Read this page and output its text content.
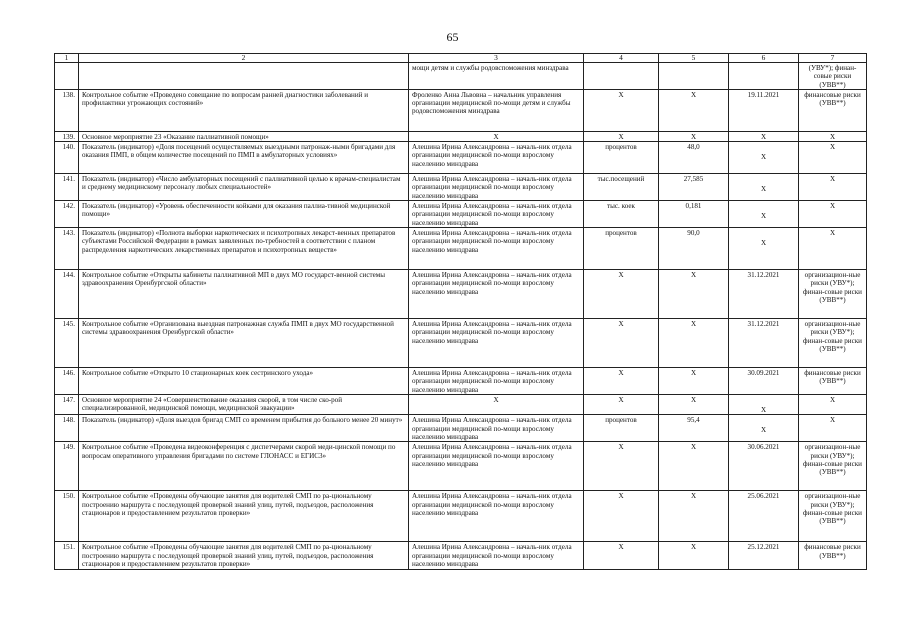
65
1	2	3	4	5	6	7
		мощи детям и службы родовспоможения минздрава				(УВУ*); финан-совые риски (УВВ**)
138.	Контрольное событие «Проведено совещание по вопросам ранней диагностики заболеваний и профилактики угрожающих состояний»	Фроленко Анна Львовна – начальник управления организации медицинской по-мощи детям и службы родовспоможения минздрава	X	X	19.11.2021	финансовые риски (УВВ**)
139.	Основное мероприятие 23 «Оказание паллиативной помощи»	X	X	X	X	X
140.	Показатель (индикатор) «Доля посещений осуществляемых выездными патронаж-ными бригадами для оказания ПМП, в общем количестве посещений по ПМП в амбулаторных условиях»	Алешина Ирина Александровна – началь-ник отдела организации медицинской по-мощи взрослому населению минздрава	процентов	48,0	X	X
141.	Показатель (индикатор) «Число амбулаторных посещений с паллиативной целью к врачам-специалистам и среднему медицинскому персоналу любых специальностей»	Алешина Ирина Александровна – началь-ник отдела организации медицинской по-мощи взрослому населению минздрава	тыс.посещений	27,585	X	X
142.	Показатель (индикатор) «Уровень обеспеченности койками для оказания паллиа-тивной медицинской помощи»	Алешина Ирина Александровна – началь-ник отдела организации медицинской по-мощи взрослому населению минздрава	тыс. коек	0,181	X	X
143.	Показатель (индикатор) «Полнота выборки наркотических и психотропных лекарст-венных препаратов субъектами Российской Федерации в рамках заявленных по-требностей в соответствии с планом распределения наркотических лекарственных препаратов и психотропных веществ»	Алешина Ирина Александровна – началь-ник отдела организации медицинской по-мощи взрослому населению минздрава	процентов	90,0	X	X
144.	Контрольное событие «Открыты кабинеты паллиативной МП в двух МО государст-венной системы здравоохранения Оренбургской области»	Алешина Ирина Александровна – началь-ник отдела организации медицинской по-мощи взрослому населению минздрава	X	X	31.12.2021	организацион-ные риски (УВУ*); финан-совые риски (УВВ**)
145.	Контрольное событие «Организована выездная патронажная служба ПМП в двух МО государственной системы здравоохранения Оренбургской области»	Алешина Ирина Александровна – началь-ник отдела организации медицинской по-мощи взрослому населению минздрава	X	X	31.12.2021	организацион-ные риски (УВУ*); финан-совые риски (УВВ**)
146.	Контрольное событие «Открыто 10 стационарных коек сестринского ухода»	Алешина Ирина Александровна – началь-ник отдела организации медицинской по-мощи взрослому населению минздрава	X	X	30.09.2021	финансовые риски (УВВ**)
147.	Основное мероприятие 24 «Совершенствование оказания скорой, в том числе ско-рой специализированной, медицинской помощи, медицинской эвакуации»	X	X	X	X	X
148.	Показатель (индикатор) «Доля выездов бригад СМП со временем прибытия до больного менее 20 минут»	Алешина Ирина Александровна – началь-ник отдела организации медицинской по-мощи взрослому населению минздрава	процентов	95,4	X	X
149.	Контрольное событие «Проведена видеоконференция с диспетчерами скорой меди-цинской помощи по вопросам оперативного управления бригадами по системе ГЛОНАСС и ЕГИС3»	Алешина Ирина Александровна – началь-ник отдела организации медицинской по-мощи взрослому населению минздрава	X	X	30.06.2021	организацион-ные риски (УВУ*); финан-совые риски (УВВ**)
150.	Контрольное событие «Проведены обучающие занятия для водителей СМП по ра-циональному построению маршрута с последующей проверкой знаний улиц, путей, подъездов, расположения стационаров и предоставлением результатов проверки»	Алешина Ирина Александровна – началь-ник отдела организации медицинской по-мощи взрослому населению минздрава	X	X	25.06.2021	организацион-ные риски (УВУ*); финан-совые риски (УВВ**)
151.	Контрольное событие «Проведены обучающие занятия для водителей СМП по ра-циональному построению маршрута с последующей проверкой знаний улиц, путей, подъездов, расположения стационаров и предоставлением результатов проверки»	Алешина Ирина Александровна – началь-ник отдела организации медицинской по-мощи взрослому населению минздрава	X	X	25.12.2021	финансовые риски (УВВ**)
